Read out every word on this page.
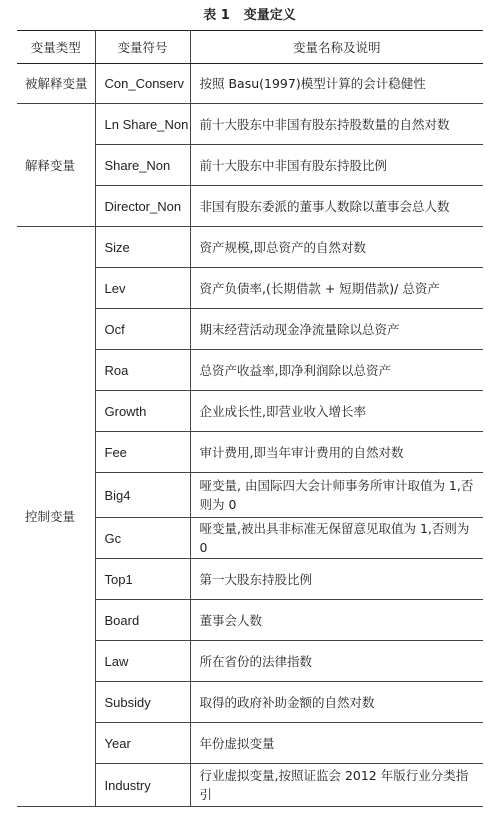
表 1 变量定义
变量类型	变量符号	变量名称及说明
被解释变量	Con_Conserv	按照 Basu(1997)模型计算的会计稳健性
解释变量	Ln Share_Non	前十大股东中非国有股东持股数量的自然对数
	Share_Non	前十大股东中非国有股东持股比例
	Director_Non	非国有股东委派的董事人数除以董事会总人数
控制变量	Size	资产规模,即总资产的自然对数
	Lev	资产负债率,(长期借款 + 短期借款)/ 总资产
	Ocf	期末经营活动现金净流量除以总资产
	Roa	总资产收益率,即净利润除以总资产
	Growth	企业成长性,即营业收入增长率
	Fee	审计费用,即当年审计费用的自然对数
	Big4	哑变量, 由国际四大会计师事务所审计取值为 1,否则为 0
	Gc	哑变量,被出具非标准无保留意见取值为 1,否则为 0
	Top1	第一大股东持股比例
	Board	董事会人数
	Law	所在省份的法律指数
	Subsidy	取得的政府补助金额的自然对数
	Year	年份虚拟变量
	Industry	行业虚拟变量,按照证监会 2012 年版行业分类指引
